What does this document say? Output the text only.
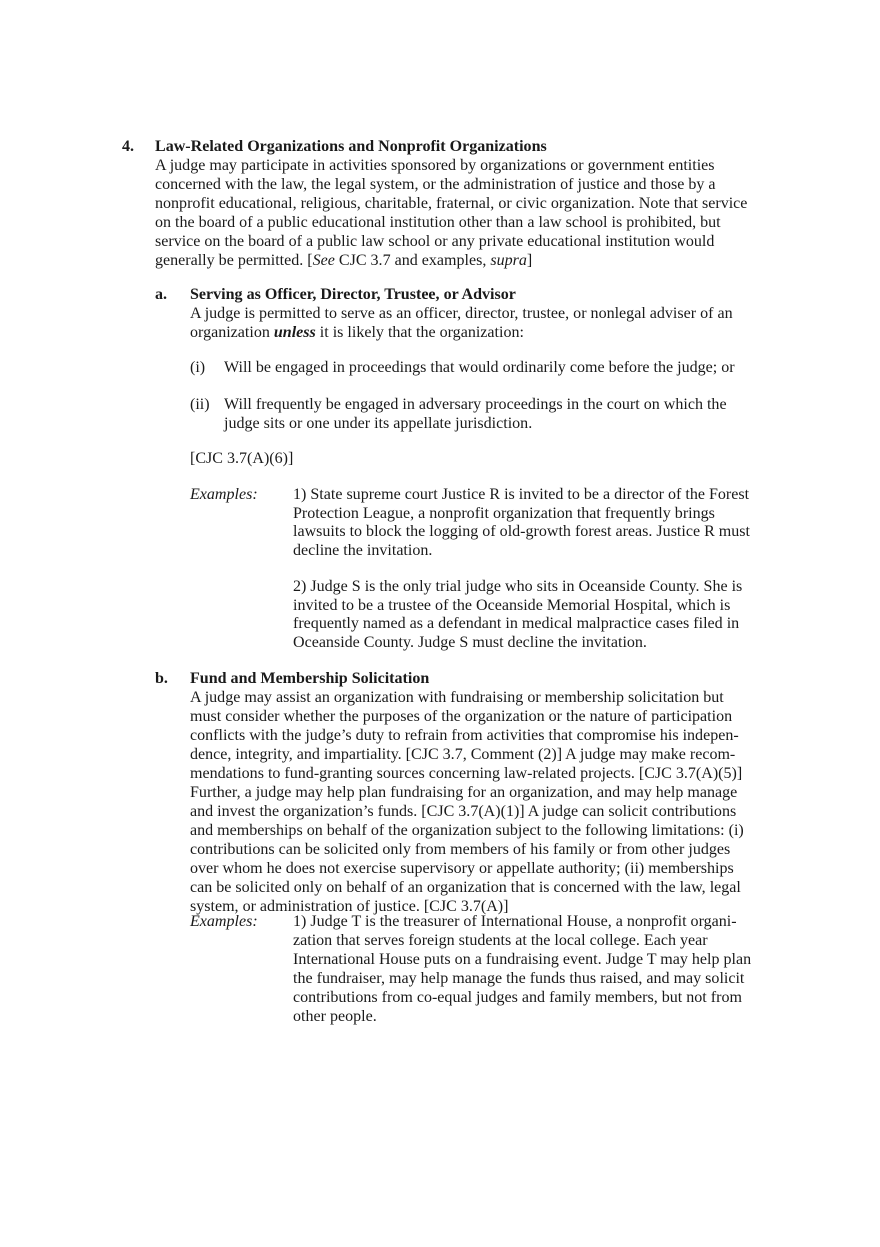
4. Law-Related Organizations and Nonprofit Organizations
A judge may participate in activities sponsored by organizations or government entities
concerned with the law, the legal system, or the administration of justice and those by a
nonprofit educational, religious, charitable, fraternal, or civic organization. Note that service
on the board of a public educational institution other than a law school is prohibited, but
service on the board of a public law school or any private educational institution would
generally be permitted. [See CJC 3.7 and examples, supra]
a. Serving as Officer, Director, Trustee, or Advisor
A judge is permitted to serve as an officer, director, trustee, or nonlegal adviser of an
organization unless it is likely that the organization:
(i) Will be engaged in proceedings that would ordinarily come before the judge; or
(ii) Will frequently be engaged in adversary proceedings in the court on which the
judge sits or one under its appellate jurisdiction.
[CJC 3.7(A)(6)]
Examples: 1) State supreme court Justice R is invited to be a director of the Forest
Protection League, a nonprofit organization that frequently brings
lawsuits to block the logging of old-growth forest areas. Justice R must
decline the invitation.
2) Judge S is the only trial judge who sits in Oceanside County. She is
invited to be a trustee of the Oceanside Memorial Hospital, which is
frequently named as a defendant in medical malpractice cases filed in
Oceanside County. Judge S must decline the invitation.
b. Fund and Membership Solicitation
A judge may assist an organization with fundraising or membership solicitation but
must consider whether the purposes of the organization or the nature of participation
conflicts with the judge’s duty to refrain from activities that compromise his indepen-
dence, integrity, and impartiality. [CJC 3.7, Comment (2)] A judge may make recom-
mendations to fund-granting sources concerning law-related projects. [CJC 3.7(A)(5)]
Further, a judge may help plan fundraising for an organization, and may help manage
and invest the organization’s funds. [CJC 3.7(A)(1)] A judge can solicit contributions
and memberships on behalf of the organization subject to the following limitations: (i)
contributions can be solicited only from members of his family or from other judges
over whom he does not exercise supervisory or appellate authority; (ii) memberships
can be solicited only on behalf of an organization that is concerned with the law, legal
system, or administration of justice. [CJC 3.7(A)]
Examples: 1) Judge T is the treasurer of International House, a nonprofit organi-
zation that serves foreign students at the local college. Each year
International House puts on a fundraising event. Judge T may help plan
the fundraiser, may help manage the funds thus raised, and may solicit
contributions from co-equal judges and family members, but not from
other people.
